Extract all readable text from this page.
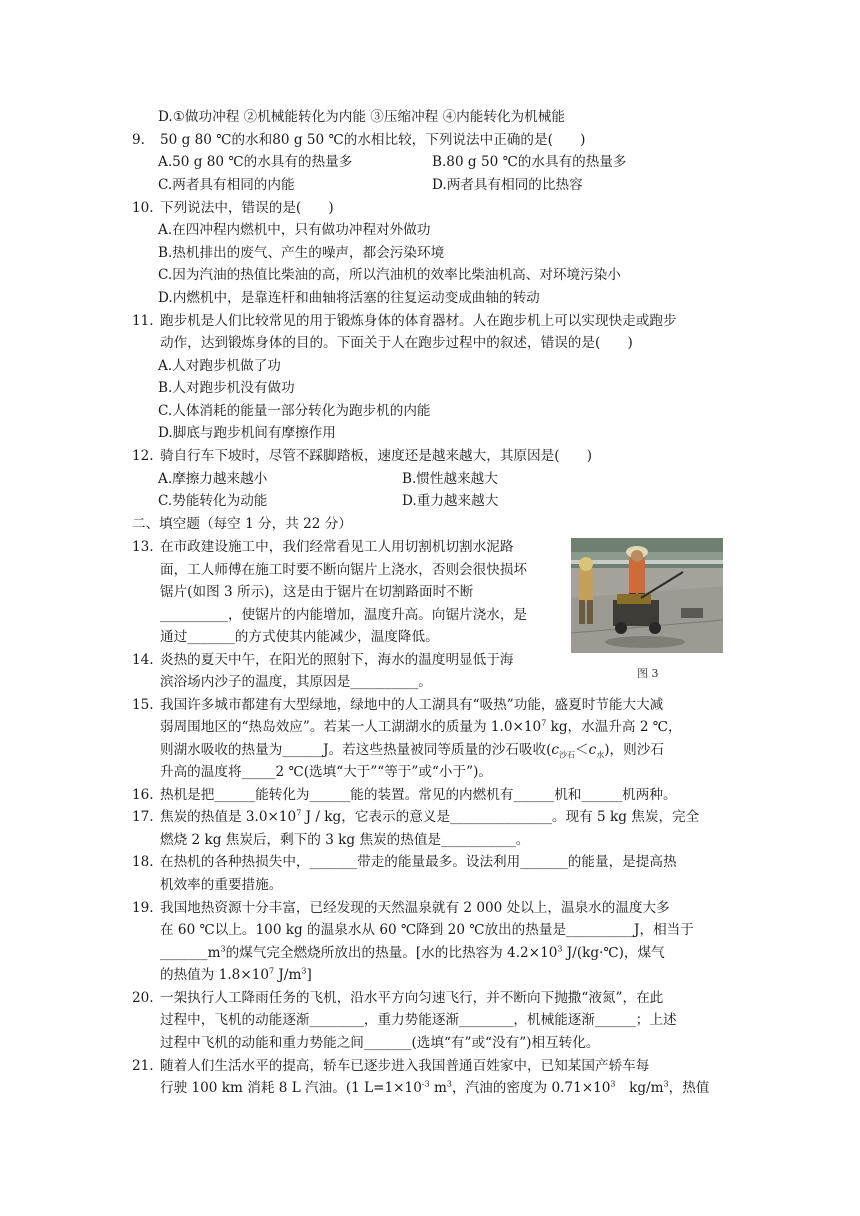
D.①做功冲程 ②机械能转化为内能 ③压缩冲程 ④内能转化为机械能
9. 50 g 80 ℃的水和80 g 50 ℃的水相比较，下列说法中正确的是(　　)
A.50 g 80 ℃的水具有的热量多	B.80 g 50 ℃的水具有的热量多
C.两者具有相同的内能	D.两者具有相同的比热容
10. 下列说法中，错误的是(　　)
A.在四冲程内燃机中，只有做功冲程对外做功
B.热机排出的废气、产生的噪声，都会污染环境
C.因为汽油的热值比柴油的高，所以汽油机的效率比柴油机高、对环境污染小
D.内燃机中，是靠连杆和曲轴将活塞的往复运动变成曲轴的转动
11. 跑步机是人们比较常见的用于锻炼身体的体育器材。人在跑步机上可以实现快走或跑步
动作，达到锻炼身体的目的。下面关于人在跑步过程中的叙述，错误的是(　　)
A.人对跑步机做了功
B.人对跑步机没有做功
C.人体消耗的能量一部分转化为跑步机的内能
D.脚底与跑步机间有摩擦作用
12. 骑自行车下坡时，尽管不踩脚踏板，速度还是越来越大，其原因是(　　)
A.摩擦力越来越小	B.惯性越来越大
C.势能转化为动能	D.重力越来越大
二、填空题（每空 1 分，共 22 分）
13. 在市政建设施工中，我们经常看见工人用切割机切割水泥路
面，工人师傅在施工时要不断向锯片上浇水，否则会很快损坏
锯片(如图 3 所示)，这是由于锯片在切割路面时不断
__________，使锯片的内能增加，温度升高。向锯片浇水，是
通过_______的方式使其内能减少，温度降低。
图 3
14. 炎热的夏天中午，在阳光的照射下，海水的温度明显低于海
滨浴场内沙子的温度，其原因是__________。
15. 我国许多城市都建有大型绿地，绿地中的人工湖具有“吸热”功能，盛夏时节能大大减
弱周围地区的“热岛效应”。若某一人工湖湖水的质量为 $1.0\times 10^7$ kg，水温升高 2 ℃，
则湖水吸收的热量为______J。若这些热量被同等质量的沙石吸收$(c_{沙石}<c_水)$，则沙石
升高的温度将_____2 ℃(选填“大于”“等于”或“小于”)。
16. 热机是把______能转化为______能的装置。常见的内燃机有______机和______机两种。
17. 焦炭的热值是 $3.0\times 10^7$ J / kg，它表示的意义是_______________。现有 5 kg 焦炭，完全
燃烧 2 kg 焦炭后，剩下的 3 kg 焦炭的热值是___________。
18. 在热机的各种热损失中，_______带走的能量最多。设法利用_______的能量，是提高热
机效率的重要措施。
19. 我国地热资源十分丰富，已经发现的天然温泉就有 2 000 处以上，温泉水的温度大多
在 60 ℃以上。100 kg 的温泉水从 60 ℃降到 20 ℃放出的热量是__________J，相当于
$\_\_\_\_\_\_\_m^3$的煤气完全燃烧所放出的热量。[水的比热容为 $4.2\times 10^3$ J/(kg·℃)，煤气
的热值为 $1.8\times 10^7$ $J/m^3$]
20. 一架执行人工降雨任务的飞机，沿水平方向匀速飞行，并不断向下抛撒“液氮”，在此
过程中，飞机的动能逐渐________，重力势能逐渐________，机械能逐渐______；上述
过程中飞机的动能和重力势能之间_______(选填“有”或“没有”)相互转化。
21. 随着人们生活水平的提高，轿车已逐步进入我国普通百姓家中，已知某国产轿车每
行驶 100 km 消耗 8 L 汽油。(1 $L=1\times 10^{-3}$ $m^3$，汽油的密度为 $0.71\times 10^3$　$kg/m^3$，热值
